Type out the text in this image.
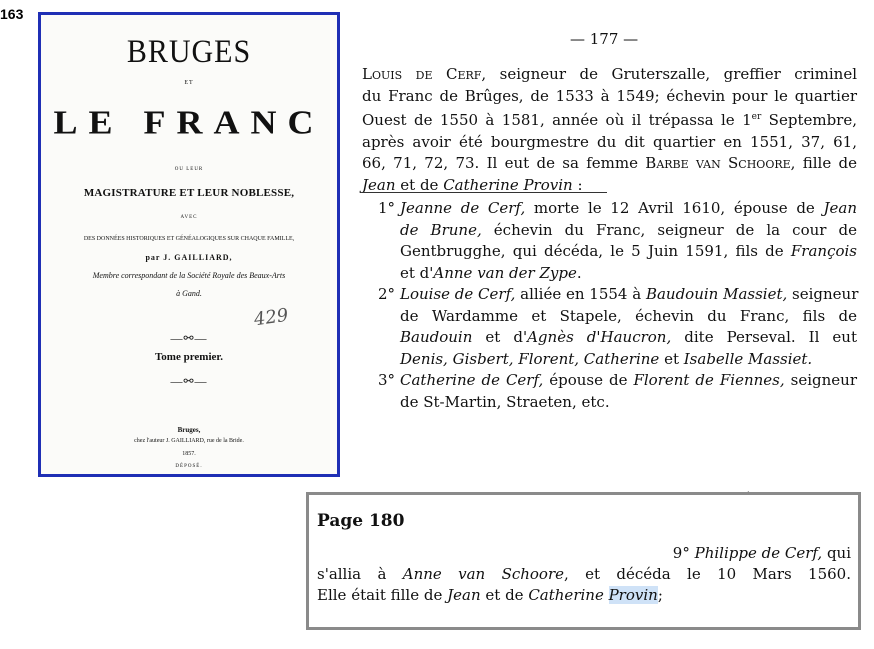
163
BRUGES
ET
LE FRANC
OU LEUR
MAGISTRATURE ET LEUR NOBLESSE,
AVEC
DES DONNÉES HISTORIQUES ET GÉNÉALOGIQUES SUR CHAQUE FAMILLE,
par J. GAILLIARD,
Membre correspondant de la Société Royale des Beaux-Arts
à Gand.
429
—⚯—
Tome premier.
—⚯—
Bruges,
chez l'auteur J. GAILLIARD, rue de la Bride.
1857.
DÉPOSÉ.
— 177 —
Louis de Cerf, seigneur de Gruterszalle, greffier criminel
du Franc de Brûges, de 1533 à 1549; échevin pour le quartier
Ouest de 1550 à 1581, année où il trépassa le 1er Septembre,
après avoir été bourgmestre du dit quartier en 1551, 37, 61,
66, 71, 72, 73. Il eut de sa femme Barbe van Schoore, fille de
Jean et de Catherine Provin :
1° Jeanne de Cerf, morte le 12 Avril 1610, épouse de Jean
de Brune, échevin du Franc, seigneur de la cour de
Gentbrugghe, qui décéda, le 5 Juin 1591, fils de François
et d'Anne van der Zype.
2° Louise de Cerf, alliée en 1554 à Baudouin Massiet, seigneur
de Wardamme et Stapele, échevin du Franc, fils de
Baudouin et d'Agnès d'Haucron, dite Perseval. Il eut
Denis, Gisbert, Florent, Catherine et Isabelle Massiet.
3° Catherine de Cerf, épouse de Florent de Fiennes, seigneur
de St-Martin, Straeten, etc.
Page 180
9° Philippe de Cerf, qui
s'allia à Anne van Schoore, et décéda le 10 Mars 1560.
Elle était fille de Jean et de Catherine Provin;
